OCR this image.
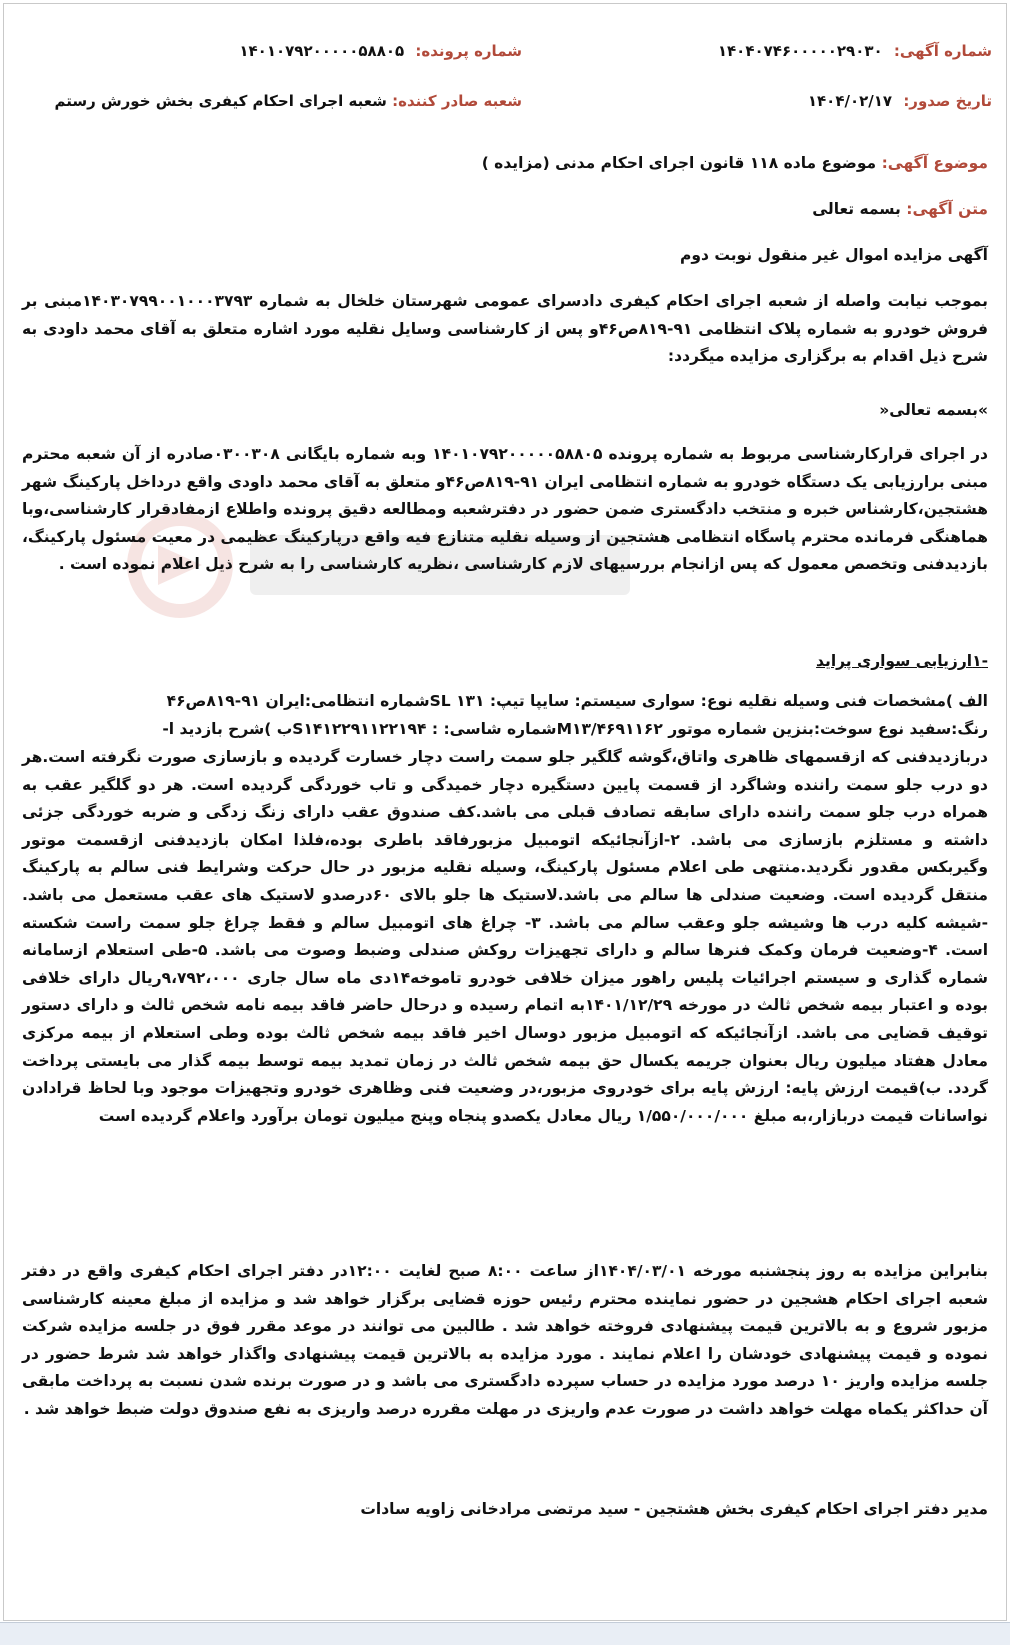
شماره آگهی: ۱۴۰۴۰۷۴۶۰۰۰۰۰۲۹۰۳۰
شماره پرونده: ۱۴۰۱۰۷۹۲۰۰۰۰۰۵۸۸۰۵
تاریخ صدور: ۱۴۰۴/۰۲/۱۷
شعبه صادر کننده: شعبه اجرای احکام کیفری بخش خورش رستم
موضوع آگهی: موضوع ماده ۱۱۸ قانون اجرای احکام مدنی (مزایده )
متن آگهی: بسمه تعالی
آگهی مزایده اموال غیر منقول نوبت دوم
بموجب نیابت واصله از شعبه اجرای احکام کیفری دادسرای عمومی شهرستان خلخال به شماره ۱۴۰۳۰۷۹۹۰۰۱۰۰۰۳۷۹۳مبنی بر فروش خودرو به شماره پلاک انتظامی ۹۱-۸۱۹ص۴۶و پس از کارشناسی وسایل نقلیه مورد اشاره متعلق به آقای محمد داودی به شرح ذیل اقدام به برگزاری مزایده میگردد:
»بسمه تعالی«
در اجرای قرارکارشناسی مربوط به شماره پرونده ۱۴۰۱۰۷۹۲۰۰۰۰۰۵۸۸۰۵ وبه شماره بایگانی ۰۳۰۰۳۰۸صادره از آن شعبه محترم مبنی برارزیابی یک دستگاه خودرو به شماره انتظامی ایران ۹۱-۸۱۹ص۴۶و متعلق به آقای محمد داودی واقع درداخل پارکینگ شهر هشتجین،کارشناس خبره و منتخب دادگستری ضمن حضور در دفترشعبه ومطالعه دقیق پرونده واطلاع ازمفادقرار کارشناسی،وبا هماهنگی فرمانده محترم پاسگاه انتظامی هشتجین از وسیله نقلیه متنازع فیه واقع درپارکینگ عظیمی در معیت مسئول پارکینگ، بازدیدفنی وتخصص معمول که پس ازانجام بررسیهای لازم کارشناسی ،نظریه کارشناسی را به شرح ذیل اعلام نموده است .
-۱ارزیابی سواری پراید
الف )مشخصات فنی وسیله نقلیه نوع: سواری سیستم: سایپا تیپ: ۱۳۱ SLشماره انتظامی:ایران ۹۱-۸۱۹ص۴۶
رنگ:سفید نوع سوخت:بنزین شماره موتور M۱۳/۴۶۹۱۱۶۲شماره شاسی: : S۱۴۱۲۲۹۱۱۲۲۱۹۴ب )شرح بازدید ا-
دربازدیدفنی که ازقسمهای ظاهری واتاق،گوشه گلگیر جلو سمت راست دچار خسارت گردیده و بازسازی صورت نگرفته است.هر دو درب جلو سمت راننده وشاگرد از قسمت پایین دستگیره دچار خمیدگی و تاب خوردگی گردیده است. هر دو گلگیر عقب به همراه درب جلو سمت راننده دارای سابقه تصادف قبلی می باشد.کف صندوق عقب دارای زنگ زدگی و ضربه خوردگی جزئی داشته و مستلزم بازسازی می باشد. ۲-ازآنجائیکه اتومبیل مزبورفاقد باطری بوده،فلذا امکان بازدیدفنی ازقسمت موتور وگیربکس مقدور نگردید.منتهی طی اعلام مسئول پارکینگ، وسیله نقلیه مزبور در حال حرکت وشرایط فنی سالم به پارکینگ منتقل گردیده است. وضعیت صندلی ها سالم می باشد.لاستیک ها جلو بالای ۶۰درصدو لاستیک های عقب مستعمل می باشد. -شیشه کلیه درب ها وشیشه جلو وعقب سالم می باشد. ۳- چراغ های اتومبیل سالم و فقط چراغ جلو سمت راست شکسته است. ۴-وضعیت فرمان وکمک فنرها سالم و دارای تجهیزات روکش صندلی وضبط وصوت می باشد. ۵-طی استعلام ازسامانه شماره گذاری و سیستم اجرائیات پلیس راهور میزان خلافی خودرو تاموخه۱۴دی ماه سال جاری ۹،۷۹۲،۰۰۰ریال دارای خلافی بوده و اعتبار بیمه شخص ثالث در مورخه ۱۴۰۱/۱۲/۲۹به اتمام رسیده و درحال حاضر فاقد بیمه نامه شخص ثالث و دارای دستور توقیف قضایی می باشد. ازآنجائیکه که اتومبیل مزبور دوسال اخیر فاقد بیمه شخص ثالث بوده وطی استعلام از بیمه مرکزی معادل هفتاد میلیون ریال بعنوان جریمه یکسال حق بیمه شخص ثالث در زمان تمدید بیمه توسط بیمه گذار می بایستی پرداخت گردد. ب)قیمت ارزش پایه: ارزش پایه برای خودروی مزبور،در وضعیت فنی وظاهری خودرو وتجهیزات موجود وبا لحاظ قرادادن نواسانات قیمت دربازار،به مبلغ ۱/۵۵۰/۰۰۰/۰۰۰ ریال معادل یکصدو پنجاه وپنج میلیون تومان برآورد واعلام گردیده است
بنابراین مزایده به روز پنجشنبه مورخه ۱۴۰۴/۰۳/۰۱از ساعت ۸:۰۰ صبح لغایت ۱۲:۰۰در دفتر اجرای احکام کیفری واقع در دفتر شعبه اجرای احکام هشجین در حضور نماینده محترم رئیس حوزه قضایی برگزار خواهد شد و مزایده از مبلغ معینه کارشناسی مزبور شروع و به بالاترین قیمت پیشنهادی فروخته خواهد شد . طالبین می توانند در موعد مقرر فوق در جلسه مزایده شرکت نموده و قیمت پیشنهادی خودشان را اعلام نمایند . مورد مزایده به بالاترین قیمت پیشنهادی واگذار خواهد شد شرط حضور در جلسه مزایده واریز ۱۰ درصد مورد مزایده در حساب سپرده دادگستری می باشد و در صورت برنده شدن نسبت به پرداخت مابقی آن حداکثر یکماه مهلت خواهد داشت در صورت عدم واریزی در مهلت مقرره درصد واریزی به نفع صندوق دولت ضبط خواهد شد .
مدیر دفتر اجرای احکام کیفری بخش هشتجین - سید مرتضی مرادخانی زاویه سادات
